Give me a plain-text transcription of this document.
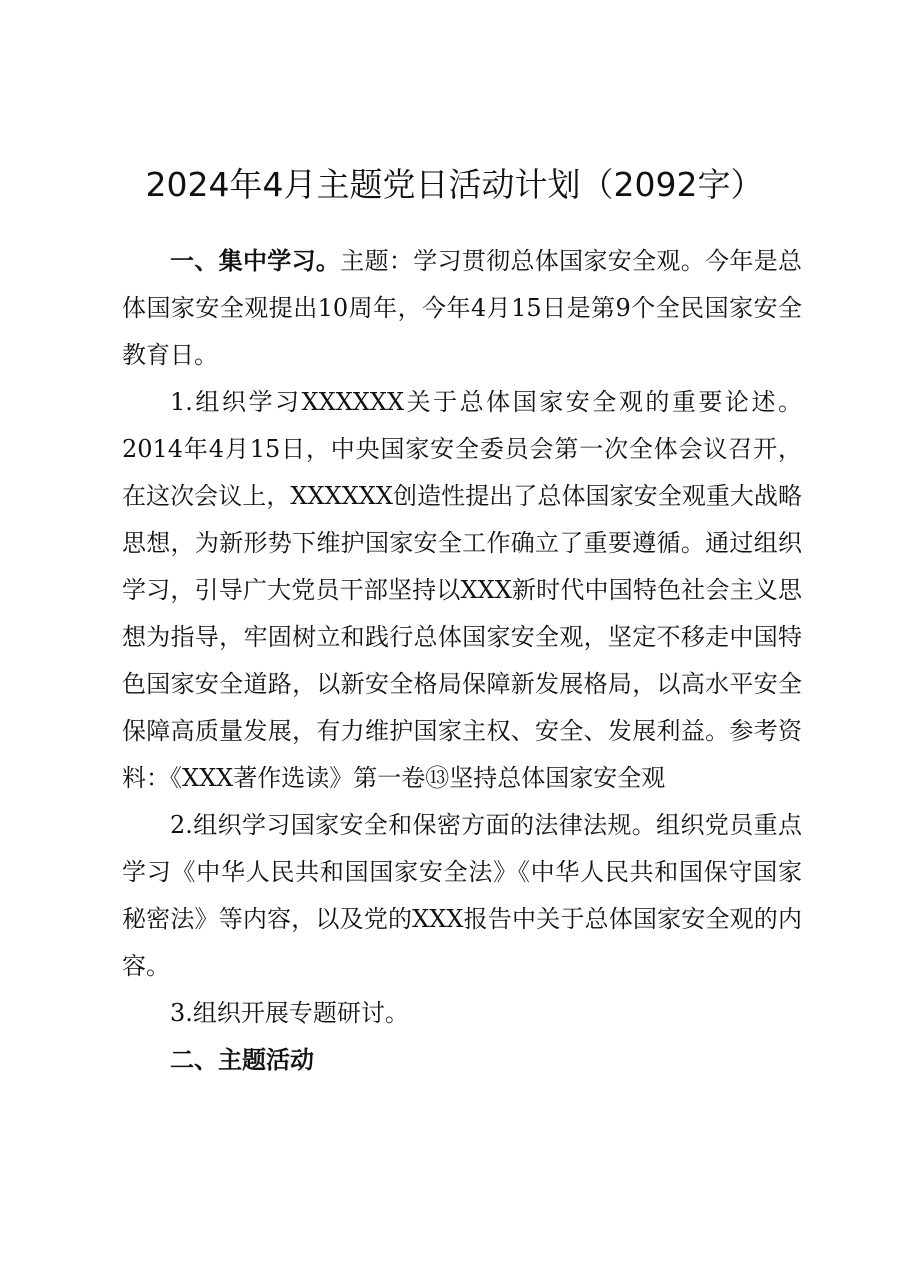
2024年4月主题党日活动计划（2092字）

一、集中学习。主题：学习贯彻总体国家安全观。今年是总体国家安全观提出10周年，今年4月15日是第9个全民国家安全教育日。

1.组织学习XXXXXX关于总体国家安全观的重要论述。2014年4月15日，中央国家安全委员会第一次全体会议召开，在这次会议上，XXXXXX创造性提出了总体国家安全观重大战略思想，为新形势下维护国家安全工作确立了重要遵循。通过组织学习，引导广大党员干部坚持以XXX新时代中国特色社会主义思想为指导，牢固树立和践行总体国家安全观，坚定不移走中国特色国家安全道路，以新安全格局保障新发展格局，以高水平安全保障高质量发展，有力维护国家主权、安全、发展利益。参考资料：《XXX著作选读》第一卷⑬坚持总体国家安全观

2.组织学习国家安全和保密方面的法律法规。组织党员重点学习《中华人民共和国国家安全法》《中华人民共和国保守国家秘密法》等内容，以及党的XXX报告中关于总体国家安全观的内容。

3.组织开展专题研讨。

二、主题活动
